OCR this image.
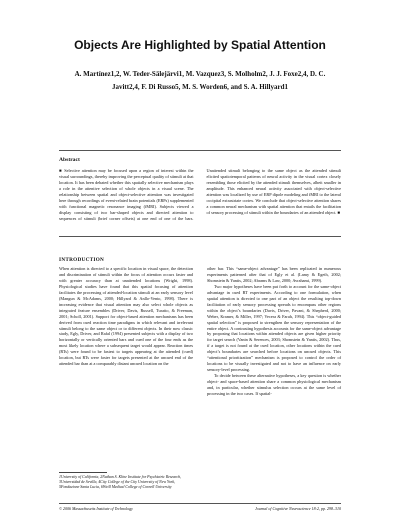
Objects Are Highlighted by Spatial Attention
A. Martínez1,2, W. Teder-Sälejärvi1, M. Vazquez3, S. Molholm2, J. J. Foxe2,4, D. C. Javitt2,4, F. Di Russo5, M. S. Worden6, and S. A. Hillyard1
Abstract
■ Selective attention may be focused upon a region of interest within the visual surroundings, thereby improving the perceptual quality of stimuli at that location. It has been debated whether this spatially selective mechanism plays a role in the attentive selection of whole objects in a visual scene. The relationship between spatial and object-selective attention was investigated here through recordings of event-related brain potentials (ERPs) supplemented with functional magnetic resonance imaging (fMRI). Subjects viewed a display consisting of two bar-shaped objects and directed attention to sequences of stimuli (brief corner offsets) at one end of one of the bars. Unattended stimuli belonging to the same object as the attended stimuli elicited spatiotemporal patterns of neural activity in the visual cortex closely resembling those elicited by the attended stimuli themselves, albeit smaller in amplitude. This enhanced neural activity associated with object-selective attention was localized by use of ERP dipole modeling and fMRI to the lateral occipital extrastriate cortex. We conclude that object-selective attention shares a common neural mechanism with spatial attention that entails the facilitation of sensory processing of stimuli within the boundaries of an attended object. ■
INTRODUCTION

When attention is directed to a specific location in visual space, the detection and discrimination of stimuli within the focus of attention occurs faster and with greater accuracy than at unattended locations (Wright, 1998). Physiological studies have found that this spatial focusing of attention facilitates the processing of attended-location stimuli at an early sensory level (Mangun & McAdams, 2000; Hillyard & Anllo-Vento, 1998). There is increasing evidence that visual attention may also select whole objects as integrated feature ensembles (Driver, Davis, Russell, Turatto, & Freeman, 2001; Scholl, 2001). Support for object-based attention mechanisms has been derived from cued reaction time paradigms in which relevant and irrelevant stimuli belong to the same object or to different objects. In their now classic study, Egly, Driver, and Rafal (1994) presented subjects with a display of two horizontally or vertically oriented bars and cued one of the four ends as the most likely location where a subsequent target would appear. Reaction times (RTs) were found to be fastest to targets appearing at the attended (cued) location, but RTs were faster for targets presented at the uncued end of the attended bar than at a comparably distant uncued location on the

other bar. This “same-object advantage” has been replicated in numerous experiments patterned after that of Egly et al. (Lamy & Egeth, 2002; Shomstein & Yantis, 2002; Abrams & Law, 2000; Avrahami, 1999).

Two major hypotheses have been put forth to account for the same-object advantage in cued RT experiments. According to one formulation, when spatial attention is directed to one part of an object the resulting top-down facilitation of early sensory processing spreads to encompass other regions within the object’s boundaries (Davis, Driver, Pavani, & Shepherd, 2000; Weber, Kramer, & Miller, 1997; Vecera & Farah, 1994). This “object-guided spatial selection” is proposed to strengthen the sensory representation of the entire object. A contrasting hypothesis accounts for the same-object advantage by proposing that locations within attended objects are given higher priority for target search (Vanin & Serences, 2003; Shomstein & Yantis, 2002). Thus, if a target is not found at the cued location, other locations within the cued object’s boundaries are searched before locations on uncued objects. This “attentional prioritization” mechanism is proposed to control the order of locations to be visually investigated and not to have an influence on early sensory-level processing.

To decide between these alternative hypotheses, a key question is whether object- and space-based attention share a common physiological mechanism and, in particular, whether stimulus selection occurs at the same level of processing in the two cases. If spatial-

1University of California, 2Nathan S. Kline Institute for Psychiatric Research, 3Universidad de Sevilla, 4City College of the City University of New York, 5Fondazione Santa Lucia, 6Weill Medical College of Cornell University
© 2006 Massachusetts Institute of Technology	Journal of Cognitive Neuroscience 18:2, pp. 298–310
